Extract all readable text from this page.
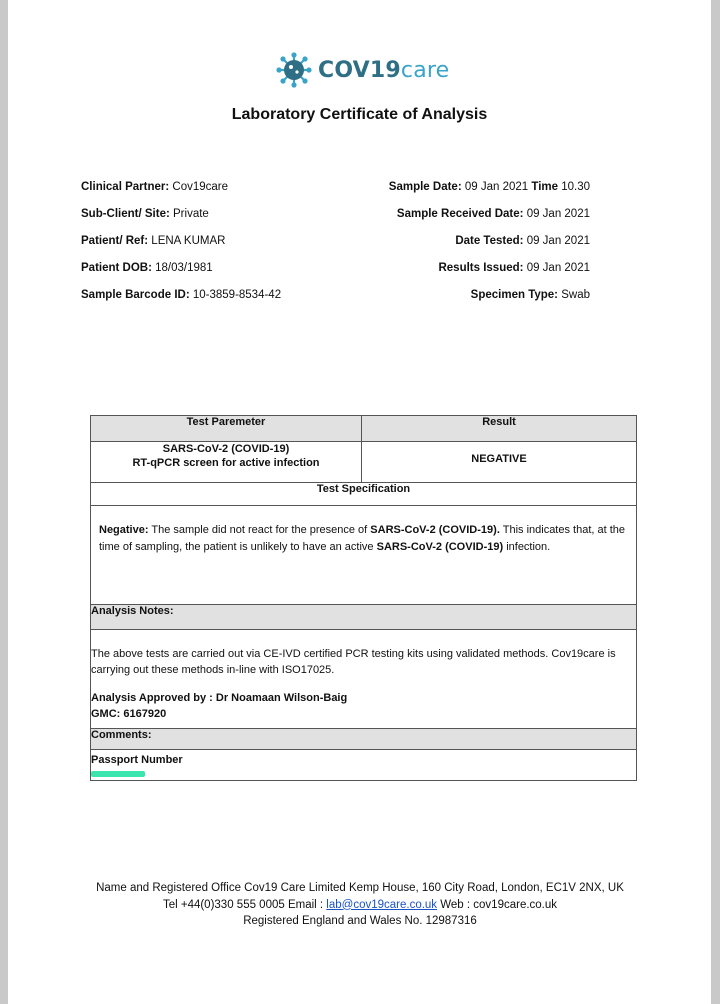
COV19care
Laboratory Certificate of Analysis
Clinical Partner: Cov19care
Sub-Client/ Site: Private
Patient/ Ref: LENA KUMAR
Patient DOB: 18/03/1981
Sample Barcode ID: 10-3859-8534-42
Sample Date: 09 Jan 2021 Time 10.30
Sample Received Date: 09 Jan 2021
Date Tested: 09 Jan 2021
Results Issued: 09 Jan 2021
Specimen Type: Swab
Test Paremeter	Result
SARS-CoV-2 (COVID-19)
RT-qPCR screen for active infection	NEGATIVE
Test Specification	

Negative: The sample did not react for the presence of SARS-CoV-2 (COVID-19). This indicates that, at the time of sampling, the patient is unlikely to have an active SARS-CoV-2 (COVID-19) infection.	

Analysis Notes:	

The above tests are carried out via CE-IVD certified PCR testing kits using validated methods. Cov19care is carrying out these methods in-line with ISO17025.

Analysis Approved by : Dr Noamaan Wilson-Baig
GMC: 6167920	

Comments:	

Passport Number	
Name and Registered Office Cov19 Care Limited Kemp House, 160 City Road, London, EC1V 2NX, UK
Tel +44(0)330 555 0005 Email : lab@cov19care.co.uk Web : cov19care.co.uk
Registered England and Wales No. 12987316
